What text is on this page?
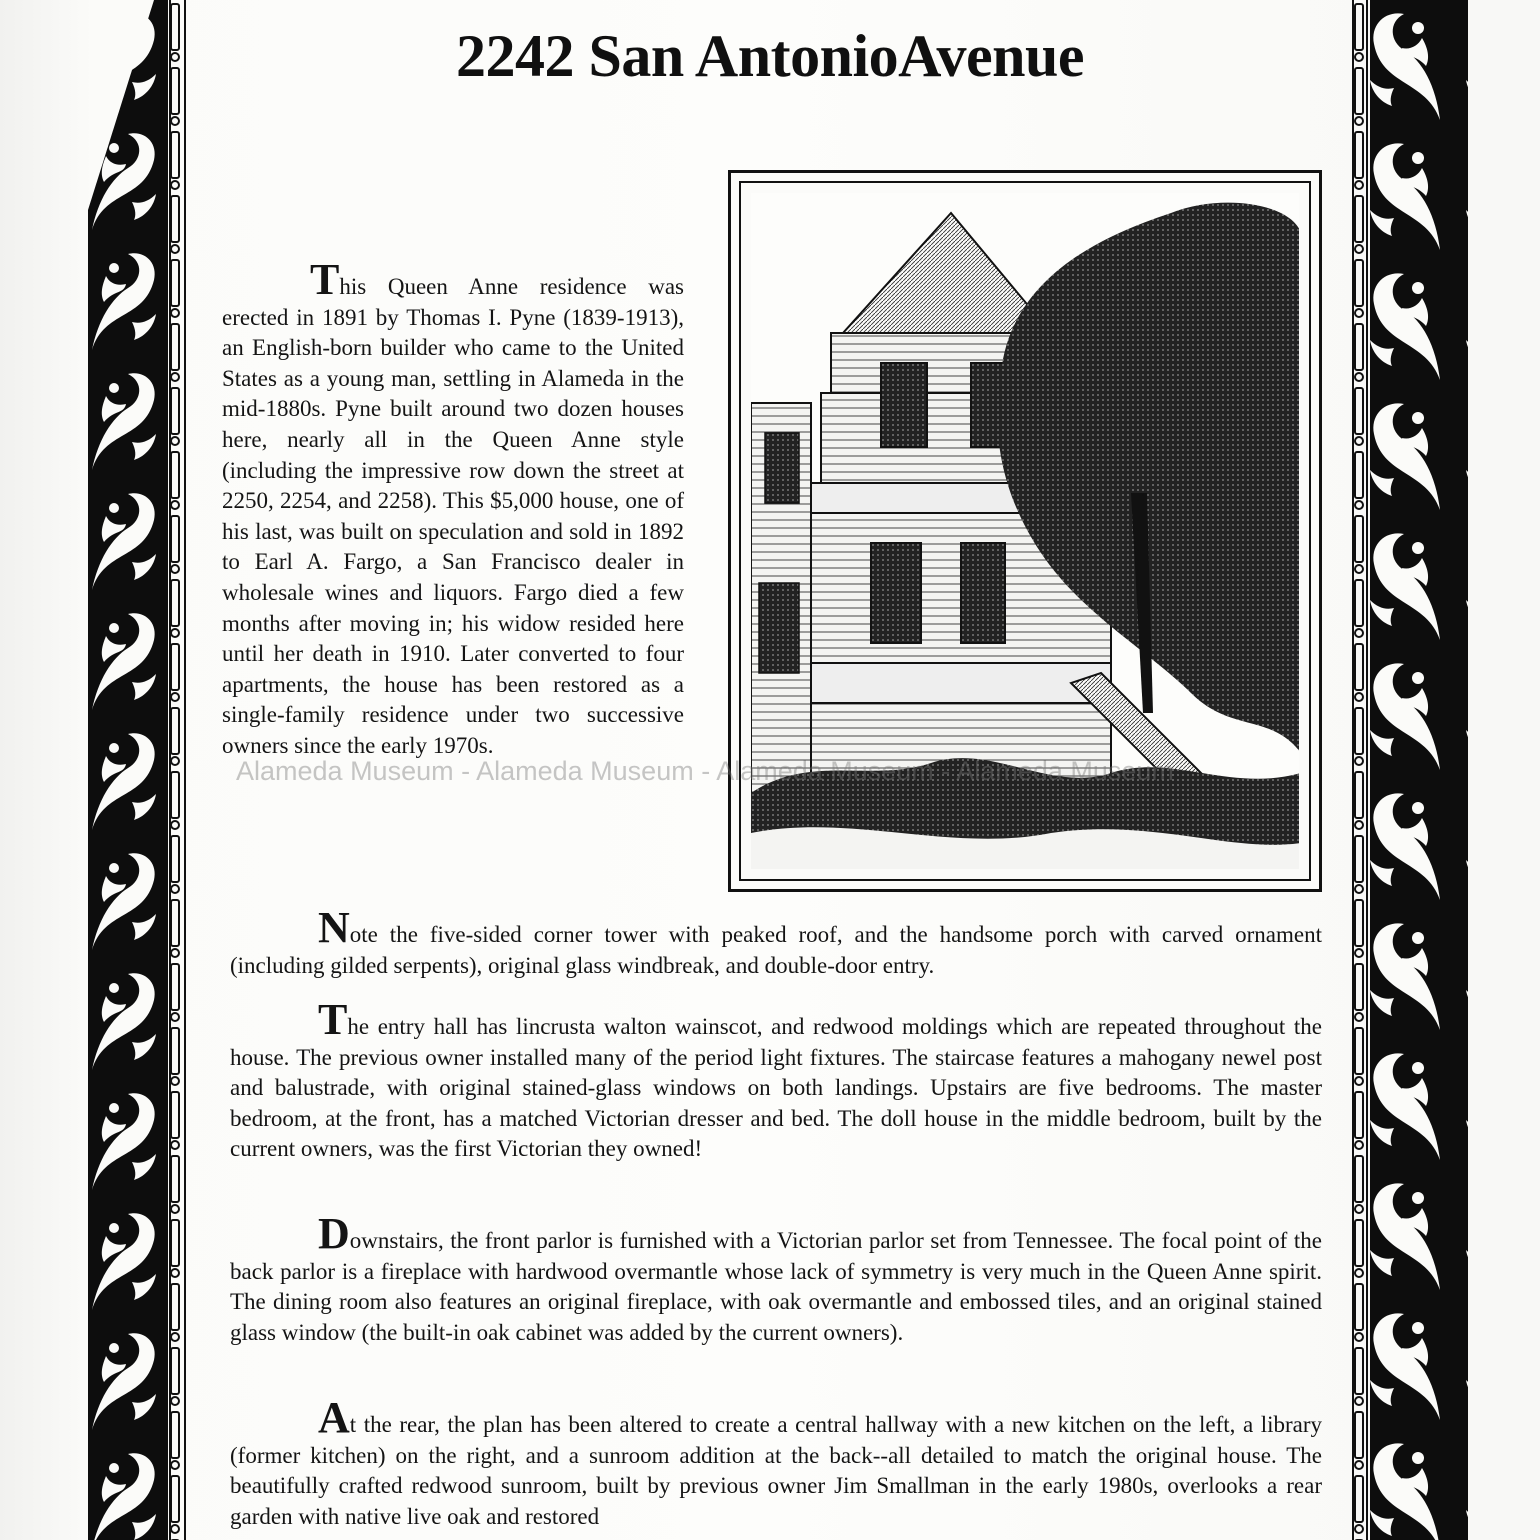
2242 San AntonioAvenue

This Queen Anne residence was erected in 1891 by Thomas I. Pyne (1839-1913), an English-born builder who came to the United States as a young man, settling in Alameda in the mid-1880s. Pyne built around two dozen houses here, nearly all in the Queen Anne style (including the impressive row down the street at 2250, 2254, and 2258). This $5,000 house, one of his last, was built on speculation and sold in 1892 to Earl A. Fargo, a San Francisco dealer in wholesale wines and liquors. Fargo died a few months after moving in; his widow resided here until her death in 1910. Later converted to four apartments, the house has been restored as a single-family residence under two successive owners since the early 1970s.

Note the five-sided corner tower with peaked roof, and the handsome porch with carved ornament (including gilded serpents), original glass windbreak, and double-door entry.

The entry hall has lincrusta walton wainscot, and redwood moldings which are repeated throughout the house. The previous owner installed many of the period light fixtures. The staircase features a mahogany newel post and balustrade, with original stained-glass windows on both landings. Upstairs are five bedrooms. The master bedroom, at the front, has a matched Victorian dresser and bed. The doll house in the middle bedroom, built by the current owners, was the first Victorian they owned!

Downstairs, the front parlor is furnished with a Victorian parlor set from Tennessee. The focal point of the back parlor is a fireplace with hardwood overmantle whose lack of symmetry is very much in the Queen Anne spirit. The dining room also features an original fireplace, with oak overmantle and embossed tiles, and an original stained glass window (the built-in oak cabinet was added by the current owners).

At the rear, the plan has been altered to create a central hallway with a new kitchen on the left, a library (former kitchen) on the right, and a sunroom addition at the back--all detailed to match the original house. The beautifully crafted redwood sunroom, built by previous owner Jim Smallman in the early 1980s, overlooks a rear garden with native live oak and restored

Alameda Museum - Alameda Museum - Alameda Museum - Alameda Museum
